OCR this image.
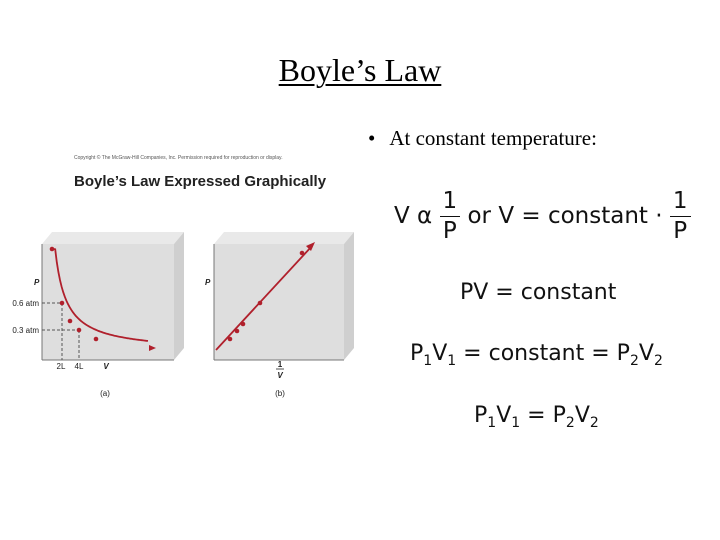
Boyle’s Law
• At constant temperature:
Copyright © The McGraw-Hill Companies, Inc. Permission required for reproduction or display.
Boyle’s Law Expressed Graphically
P
0.6 atm
0.3 atm
2L 4L V
(a)
P
1
V
(b)
V α $\frac{1}{P}$ or V = constant · $\frac{1}{P}$
PV = constant
$P_1V_1$ = constant = $P_2V_2$
$P_1V_1 = P_2V_2$
